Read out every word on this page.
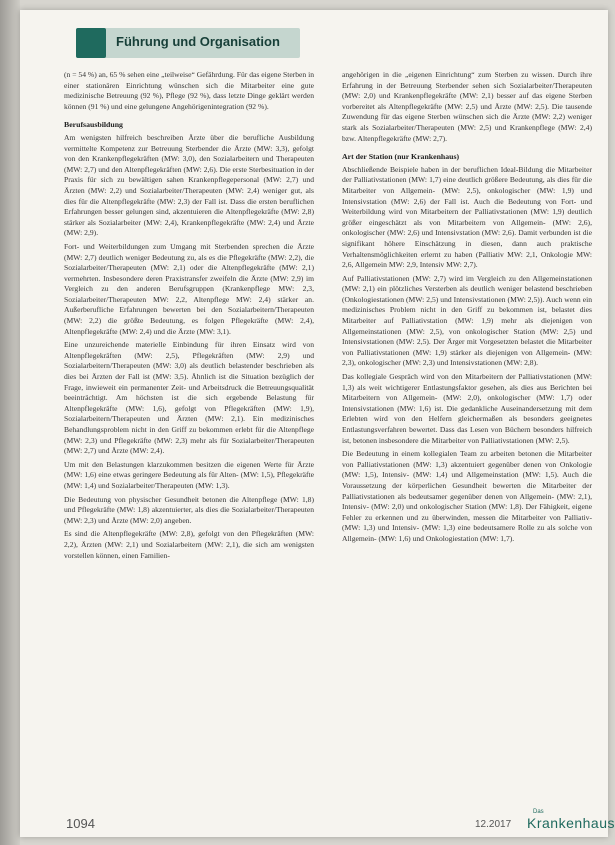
Führung und Organisation

(n = 54 %) an, 65 % sehen eine „teilweise“ Gefährdung. Für das eigene Sterben in einer stationären Einrichtung wünschen sich die Mitarbeiter eine gute medizinische Betreuung (92 %), Pflege (92 %), dass letzte Dinge geklärt werden können (91 %) und eine gelungene Angehörigenintegration (92 %).

Berufsausbildung

Am wenigsten hilfreich beschreiben Ärzte über die berufliche Ausbildung vermittelte Kompetenz zur Betreuung Sterbender die Ärzte (MW: 3,3), gefolgt von den Krankenpflegekräften (MW: 3,0), den Sozialarbeitern und Therapeuten (MW: 2,7) und den Altenpflegekräften (MW: 2,6). Die erste Sterbesituation in der Praxis für sich zu bewältigen sahen Krankenpflegepersonal (MW: 2,7) und Ärzten (MW: 2,2) und Sozialarbeiter/Therapeuten (MW: 2,4) weniger gut, als dies für die Altenpflegekräfte (MW: 2,3) der Fall ist. Dass die ersten beruflichen Erfahrungen besser gelungen sind, akzentuieren die Altenpflegekräfte (MW: 2,8) stärker als Sozialarbeiter (MW: 2,4), Krankenpflegekräfte (MW: 2,4) und Ärzte (MW: 2,9).

Fort- und Weiterbildungen zum Umgang mit Sterbenden sprechen die Ärzte (MW: 2,7) deutlich weniger Bedeutung zu, als es die Pflegekräfte (MW: 2,2), die Sozialarbeiter/Therapeuten (MW: 2,1) oder die Altenpflegekräfte (MW: 2,1) vermehrten. Insbesondere deren Praxistransfer zweifeln die Ärzte (MW: 2,9) im Vergleich zu den anderen Berufsgruppen (Krankenpflege MW: 2,3, Sozialarbeiter/Therapeuten MW: 2,2, Altenpflege MW: 2,4) stärker an. Außerberufliche Erfahrungen bewerten bei den Sozialarbeitern/Therapeuten (MW: 2,2) die größte Bedeutung, es folgen Pflegekräfte (MW: 2,4), Altenpflegekräfte (MW: 2,4) und die Ärzte (MW: 3,1).

Eine unzureichende materielle Einbindung für ihren Einsatz wird von Altenpflegekräften (MW: 2,5), Pflegekräften (MW: 2,9) und Sozialarbeitern/Therapeuten (MW: 3,0) als deutlich belastender beschrieben als dies bei Ärzten der Fall ist (MW: 3,5). Ähnlich ist die Situation bezüglich der Frage, inwieweit ein permanenter Zeit- und Arbeitsdruck die Betreuungsqualität beeinträchtigt. Am höchsten ist die sich ergebende Belastung für Altenpflegekräfte (MW: 1,6), gefolgt von Pflegekräften (MW: 1,9), Sozialarbeitern/Therapeuten und Ärzten (MW: 2,1). Ein medizinisches Behandlungsproblem nicht in den Griff zu bekommen erlebt für die Altenpflege (MW: 2,3) und Pflegekräfte (MW: 2,3) mehr als für Sozialarbeiter/Therapeuten (MW: 2,7) und Ärzte (MW: 2,4).

Um mit den Belastungen klarzukommen besitzen die eigenen Werte für Ärzte (MW: 1,6) eine etwas geringere Bedeutung als für Alten- (MW: 1,5), Pflegekräfte (MW: 1,4) und Sozialarbeiter/Therapeuten (MW: 1,3).

Die Bedeutung von physischer Gesundheit betonen die Altenpflege (MW: 1,8) und Pflegekräfte (MW: 1,8) akzentuierter, als dies die Sozialarbeiter/Therapeuten (MW: 2,3) und Ärzte (MW: 2,0) angeben.

Es sind die Altenpflegekräfte (MW: 2,8), gefolgt von den Pflegekräften (MW: 2,2), Ärzten (MW: 2,1) und Sozialarbeitern (MW: 2,1), die sich am wenigsten vorstellen können, einen Familien-

angehörigen in die „eigenen Einrichtung“ zum Sterben zu wissen. Durch ihre Erfahrung in der Betreuung Sterbender sehen sich Sozialarbeiter/Therapeuten (MW: 2,0) und Krankenpflegekräfte (MW: 2,1) besser auf das eigene Sterben vorbereitet als Altenpflegekräfte (MW: 2,5) und Ärzte (MW: 2,5). Die tausende Zuwendung für das eigene Sterben wünschen sich die Ärzte (MW: 2,2) weniger stark als Sozialarbeiter/Therapeuten (MW: 2,5) und Krankenpflege (MW: 2,4) bzw. Altenpflegekräfte (MW: 2,7).

Art der Station (nur Krankenhaus)

Abschließende Beispiele haben in der beruflichen Ideal-Bildung die Mitarbeiter der Palliativstationen (MW: 1,7) eine deutlich größere Bedeutung, als dies für die Mitarbeiter von Allgemein- (MW: 2,5), onkologischer (MW: 1,9) und Intensivstation (MW: 2,6) der Fall ist. Auch die Bedeutung von Fort- und Weiterbildung wird von Mitarbeitern der Palliativstationen (MW: 1,9) deutlich größer eingeschätzt als von Mitarbeitern von Allgemein- (MW: 2,6), onkologischer (MW: 2,6) und Intensivstation (MW: 2,6). Damit verbunden ist die signifikant höhere Einschätzung in diesen, dann auch praktische Verhaltensmöglichkeiten erlernt zu haben (Palliativ MW: 2,1, Onkologie MW: 2,6, Allgemein MW: 2,9, Intensiv MW: 2,7).

Auf Palliativstationen (MW: 2,7) wird im Vergleich zu den Allgemeinstationen (MW: 2,1) ein plötzliches Versterben als deutlich weniger belastend beschrieben (Onkologiestationen (MW: 2,5) und Intensivstationen (MW: 2,5)). Auch wenn ein medizinisches Problem nicht in den Griff zu bekommen ist, belastet dies Mitarbeiter auf Palliativstation (MW: 1,9) mehr als diejenigen von Allgemeinstationen (MW: 2,5), von onkologischer Station (MW: 2,5) und Intensivstationen (MW: 2,5). Der Ärger mit Vorgesetzten belastet die Mitarbeiter von Palliativstationen (MW: 1,9) stärker als diejenigen von Allgemein- (MW: 2,3), onkologischer (MW: 2,3) und Intensivstationen (MW: 2,8).

Das kollegiale Gespräch wird von den Mitarbeitern der Palliativstationen (MW: 1,3) als weit wichtigerer Entlastungsfaktor gesehen, als dies aus Berichten bei Mitarbeitern von Allgemein- (MW: 2,0), onkologischer (MW: 1,7) oder Intensivstationen (MW: 1,6) ist. Die gedankliche Auseinandersetzung mit dem Erlebten wird von den Helfern gleichermaßen als besonders geeignetes Entlastungsverfahren bewertet. Dass das Lesen von Büchern besonders hilfreich ist, betonen insbesondere die Mitarbeiter von Palliativstationen (MW: 2,5).

Die Bedeutung in einem kollegialen Team zu arbeiten betonen die Mitarbeiter von Palliativstationen (MW: 1,3) akzentuiert gegenüber denen von Onkologie (MW: 1,5), Intensiv- (MW: 1,4) und Allgemeinstation (MW: 1,5). Auch die Voraussetzung der körperlichen Gesundheit bewerten die Mitarbeiter der Palliativstationen als bedeutsamer gegenüber denen von Allgemein- (MW: 2,1), Intensiv- (MW: 2,0) und onkologischer Station (MW: 1,8). Der Fähigkeit, eigene Fehler zu erkennen und zu überwinden, messen die Mitarbeiter von Palliativ- (MW: 1,3) und Intensiv- (MW: 1,3) eine bedeutsamere Rolle zu als solche von Allgemein- (MW: 1,6) und Onkologiestation (MW: 1,7).

1094	12.2017
Das
Krankenhaus
